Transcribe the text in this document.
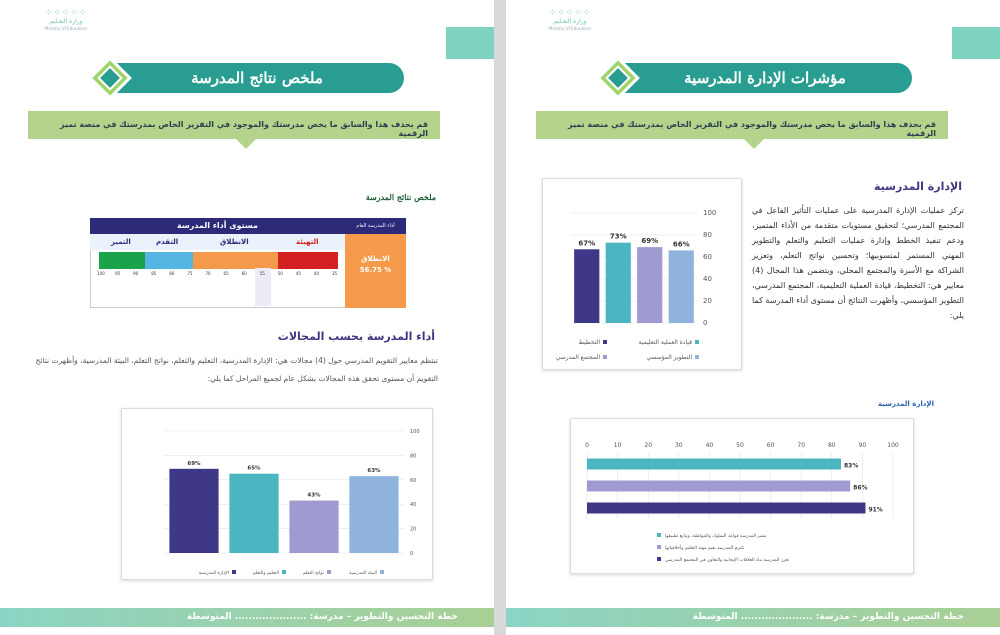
⁘⁘⁘⁘⁘
وزارة التعـليم
Ministry of Education
ملخص نتائج المدرسة
قم بحذف هذا والسابق ما يخص مدرستك والموجود في التقرير الخاص بمدرستك في منصة تميز الرقمية
ملخص نتائج المدرسة
مستوى أداء المدرسة	أداء المدرسة العام
التميز	التقدم	الانطلاق	التهيئة
100	95	90	85	80	75	70	65	60	55	50	45	40	35
الانطلاق
56.75 %
أداء المدرسة بحسب المجالات
تنتظم معايير التقويم المدرسي حول (4) مجالات هي: الإدارة المدرسية، التعليم والتعلم، نواتج التعلم، البيئة المدرسية، وأظهرت نتائج التقويم أن مستوى تحقق هذه المجالات بشكل عام لجميع المراحل كما يلي:
0
20
40
60
80
100
69%
65%
43%
63%
الإدارة المدرسية	التعليم والتعلم	نواتج التعلم	البيئة المدرسية
خطة التحسين والتطوير – مدرسة: ..................... المتوسطة
⁘⁘⁘⁘⁘
وزارة التعـليم
Ministry of Education
مؤشرات الإدارة المدرسية
قم بحذف هذا والسابق ما يخص مدرستك والموجود في التقرير الخاص بمدرستك في منصة تميز الرقمية
0
20
40
60
80
100
67%
73%
69% 66%
التخطيط	قيادة العملية التعليمية
المجتمع المدرسي	التطوير المؤسسي
الإدارة المدرسية
تركز عمليات الإدارة المدرسية على عمليات التأثير الفاعل في المجتمع المدرسي؛ لتحقيق مستويات متقدمة من الأداء المتميز، ودعم تنفيذ الخطط وإدارة عمليات التعليم والتعلم والتطوير المهني المستمر لمنسوبيها؛ وتحسين نواتج التعلم، وتعزيز الشراكة مع الأسرة والمجتمع المحلي، ويتضمن هذا المجال (4) معايير هي: التخطيط، قيادة العملية التعليمية، المجتمع المدرسي، التطوير المؤسسي، وأظهرت النتائج أن مستوى أداء المدرسة كما يلي:
الإدارة المدرسية
0	10	20	30	40	50	60	70	80	90	100
83%
86%
91%
تنشر المدرسة قواعد السلوك والمواطنة، وتتابع تطبيقها
تلتزم المدرسة بقيم مهنة التعليم وأخلاقياتها
تعزز المدرسة بناء العلاقات الإيجابية والتعاون في المجتمع المدرسي
خطة التحسين والتطوير – مدرسة: ..................... المتوسطة
